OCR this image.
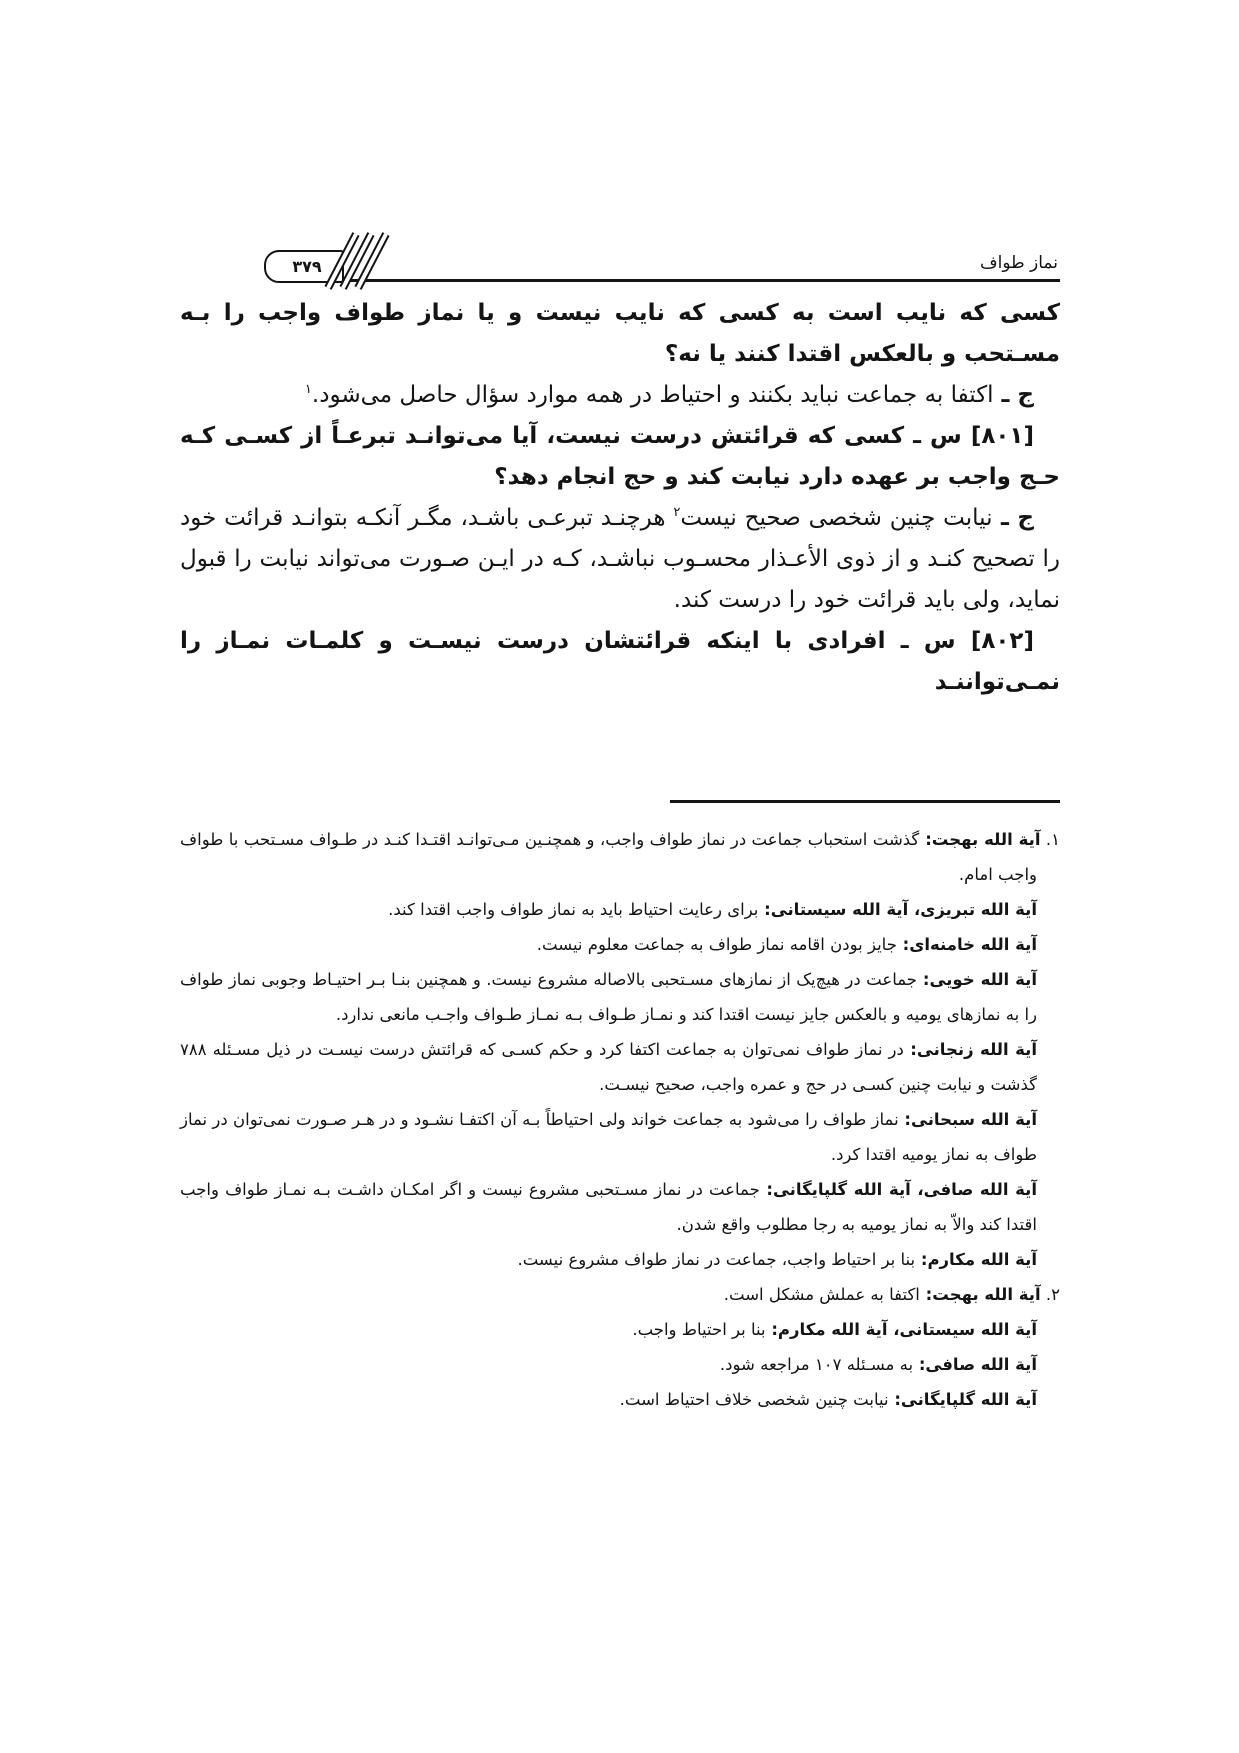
نماز طواف
۳۷۹

کسی که نایب است به کسی که نایب نیست و یا نماز طواف واجب را بـه مسـتحب و بالعکس اقتدا کنند یا نه؟

ج ـ اکتفا به جماعت نباید بکنند و احتیاط در همه موارد سؤال حاصل می‌شود.$^۱$

[۸۰۱] س ـ کسی که قرائتش درست نیست، آیا می‌توانـد تبرعـاً از کسـی کـه حـج واجب بر عهده دارد نیابت کند و حج انجام دهد؟

ج ـ نیابت چنین شخصی صحیح نیست$^۲$ هرچنـد تبرعـی باشـد، مگـر آنکـه بتوانـد قرائت خود را تصحیح کنـد و از ذوی الأعـذار محسـوب نباشـد، کـه در ایـن صـورت می‌تواند نیابت را قبول نماید، ولی باید قرائت خود را درست کند.

[۸۰۲] س ـ افرادی با اینکه قرائتشان درست نیسـت و کلمـات نمـاز را نمـی‌تواننـد

۱. آیة الله بهجت: گذشت استحباب جماعت در نماز طواف واجب، و همچنـین مـی‌توانـد اقتـدا کنـد در طـواف مسـتحب با طواف واجب امام.

آیة الله تبریزی، آیة الله سیستانی: برای رعایت احتیاط باید به نماز طواف واجب اقتدا کند.

آیة الله خامنه‌ای: جایز بودن اقامه نماز طواف به جماعت معلوم نیست.

آیة الله خویی: جماعت در هیچ‌یک از نمازهای مسـتحبی بالاصاله مشروع نیست. و همچنین بنـا بـر احتیـاط وجوبی نماز طواف را به نمازهای یومیه و بالعکس جایز نیست اقتدا کند و نمـاز طـواف بـه نمـاز طـواف واجـب مانعی ندارد.

آیة الله زنجانی: در نماز طواف نمی‌توان به جماعت اکتفا کرد و حکم کسـی که قرائتش درست نیسـت در ذیل مسـئله ۷۸۸ گذشت و نیابت چنین کسـی در حج و عمره واجب، صحیح نیسـت.

آیة الله سبحانی: نماز طواف را می‌شود به جماعت خواند ولی احتیاطاً بـه آن اکتفـا نشـود و در هـر صـورت نمی‌توان در نماز طواف به نماز یومیه اقتدا کرد.

آیة الله صافی، آیة الله گلپایگانی: جماعت در نماز مسـتحبی مشروع نیست و اگر امکـان داشـت بـه نمـاز طواف واجب اقتدا کند والاّ به نماز یومیه به رجا مطلوب واقع شدن.

آیة الله مکارم: بنا بر احتیاط واجب، جماعت در نماز طواف مشروع نیست.

۲. آیة الله بهجت: اکتفا به عملش مشکل است.

آیة الله سیستانی، آیة الله مکارم: بنا بر احتیاط واجب.

آیة الله صافی: به مسـئله ۱۰۷ مراجعه شود.

آیة الله گلپایگانی: نیابت چنین شخصی خلاف احتیاط است.
